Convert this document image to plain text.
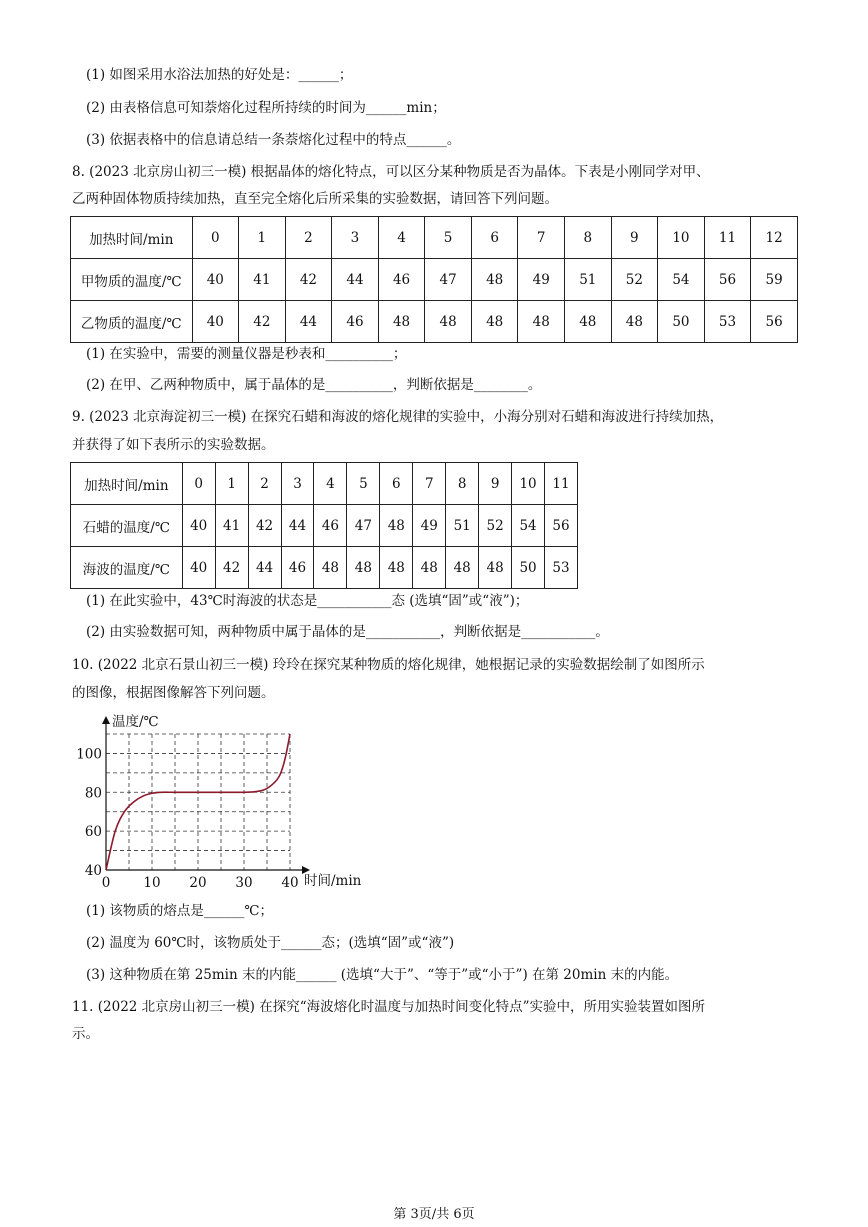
(1) 如图采用水浴法加热的好处是：______；
(2) 由表格信息可知萘熔化过程所持续的时间为______min；
(3) 依据表格中的信息请总结一条萘熔化过程中的特点______。
8. (2023 北京房山初三一模) 根据晶体的熔化特点，可以区分某种物质是否为晶体。下表是小刚同学对甲、
乙两种固体物质持续加热，直至完全熔化后所采集的实验数据，请回答下列问题。
加热时间/min	0	1	2	3	4	5	6	7	8	9	10	11	12
甲物质的温度/℃	40	41	42	44	46	47	48	49	51	52	54	56	59
乙物质的温度/℃	40	42	44	46	48	48	48	48	48	48	50	53	56
(1) 在实验中，需要的测量仪器是秒表和__________；
(2) 在甲、乙两种物质中，属于晶体的是__________，判断依据是________。
9. (2023 北京海淀初三一模) 在探究石蜡和海波的熔化规律的实验中，小海分别对石蜡和海波进行持续加热，
并获得了如下表所示的实验数据。
加热时间/min	0	1	2	3	4	5	6	7	8	9	10	11
石蜡的温度/℃	40	41	42	44	46	47	48	49	51	52	54	56
海波的温度/℃	40	42	44	46	48	48	48	48	48	48	50	53
(1) 在此实验中，43℃时海波的状态是___________态 (选填“固”或“液”)；
(2) 由实验数据可知，两种物质中属于晶体的是___________，判断依据是___________。
10. (2022 北京石景山初三一模) 玲玲在探究某种物质的熔化规律，她根据记录的实验数据绘制了如图所示
的图像，根据图像解答下列问题。
0 10 20 30 40
40
60
80
100
温度/℃
时间/min
(1) 该物质的熔点是______℃；
(2) 温度为 60℃时，该物质处于______态；(选填“固”或“液”)
(3) 这种物质在第 25min 末的内能______ (选填“大于”、“等于”或“小于”) 在第 20min 末的内能。
11. (2022 北京房山初三一模) 在探究“海波熔化时温度与加热时间变化特点”实验中，所用实验装置如图所
示。
第 3页/共 6页
